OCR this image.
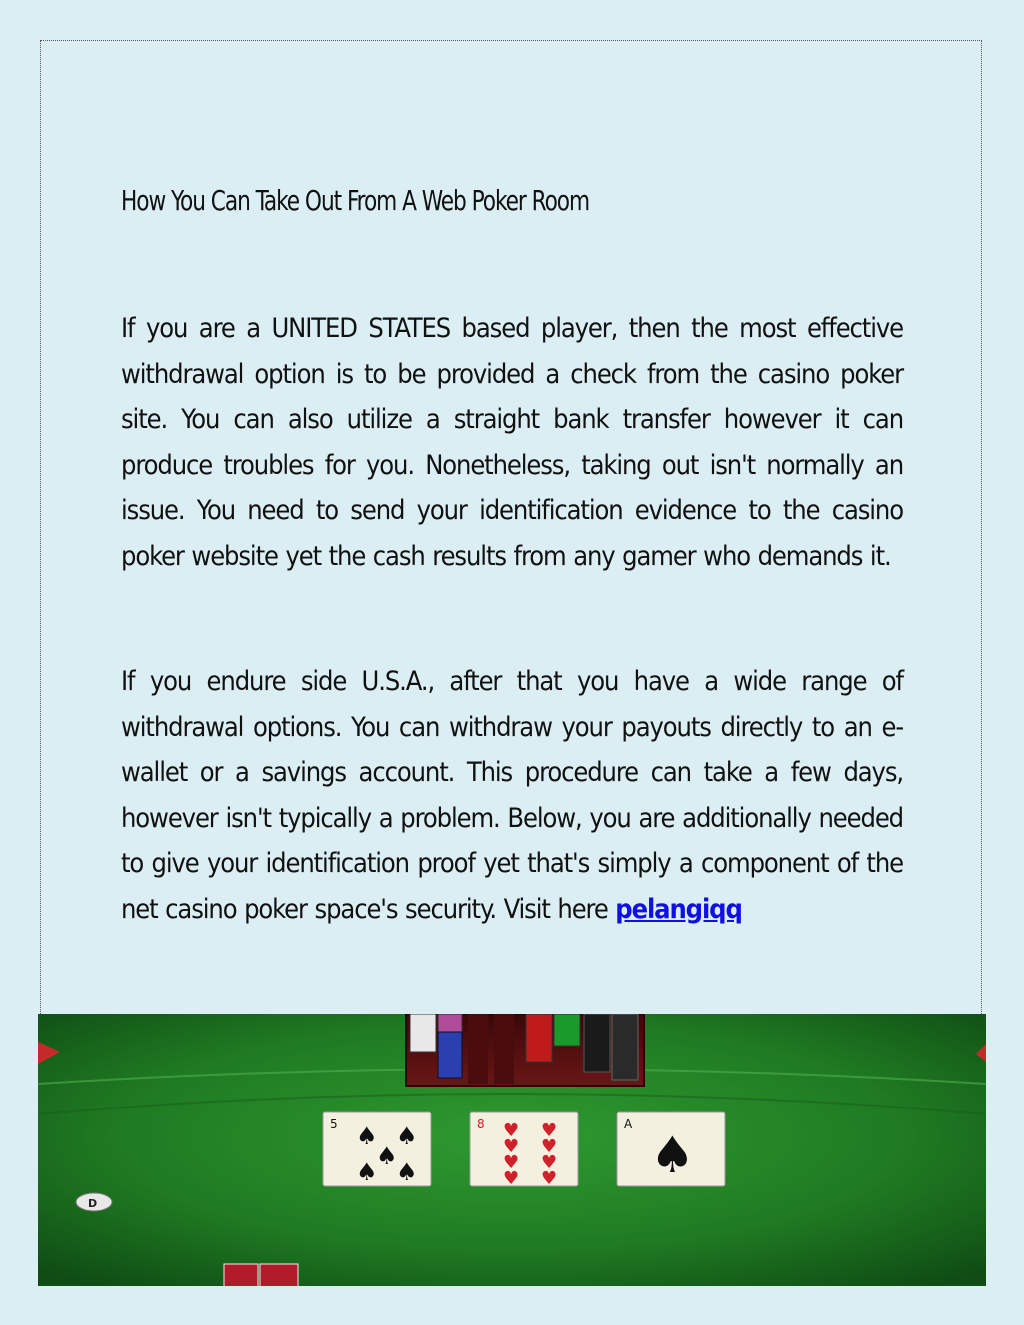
How You Can Take Out From A Web Poker Room

If you are a UNITED STATES based player, then the most effective withdrawal option is to be provided a check from the casino poker site. You can also utilize a straight bank transfer however it can produce troubles for you. Nonetheless, taking out isn't normally an issue. You need to send your identification evidence to the casino poker website yet the cash results from any gamer who demands it.

If you endure side U.S.A., after that you have a wide range of withdrawal options. You can withdraw your payouts directly to an e-wallet or a savings account. This procedure can take a few days, however isn't typically a problem. Below, you are additionally needed to give your identification proof yet that's simply a component of the net casino poker space's security. Visit here pelangiqq

5 ♠ ♠
♠
♠ ♠
8 ♥ ♥
♥ ♥
♥ ♥
♥ ♥
A
♠
D
